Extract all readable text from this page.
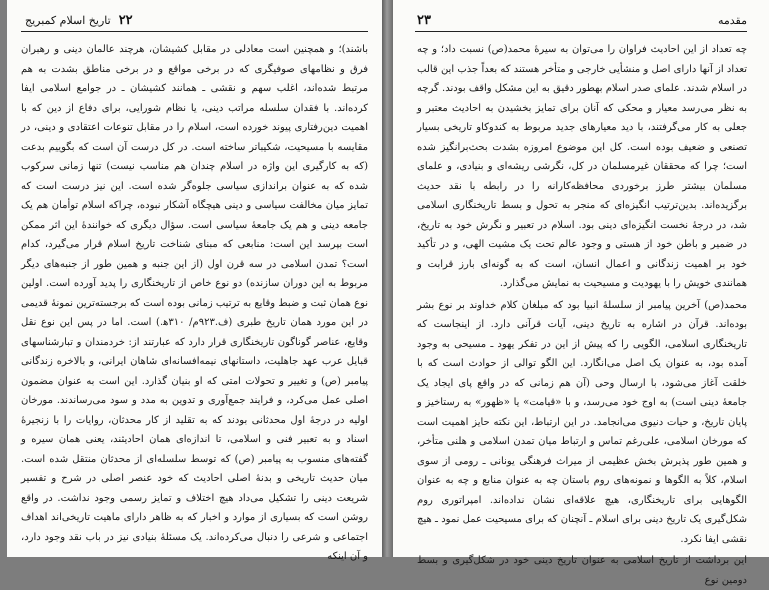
۲۲
تاریخ اسلام کمبریج

باشند)؛ و همچنین است معادلی در مقابل کشیشان، هرچند عالمان دینی و رهبران فرق و نظامهای صوفیگری که در برخی مواقع و در برخی مناطق بشدت به هم مرتبط شده‌اند، اغلب سهم و نقشی ـ همانند کشیشان ـ در جوامع اسلامی ایفا کرده‌اند. با فقدان سلسله مراتب دینی، یا نظام شورایی، برای دفاع از دین که با اهمیت دین‌رفتاری پیوند خورده است، اسلام را در مقابل تنوعات اعتقادی و دینی، در مقایسه با مسیحیت، شکیباتر ساخته است. در کل درست آن است که بگوییم بدعت (که به کارگیری این واژه در اسلام چندان هم مناسب نیست) تنها زمانی سرکوب شده که به عنوان براندازی سیاسی جلوه‌گر شده است. این نیز درست است که تمایز میان مخالفت سیاسی و دینی هیچگاه آشکار نبوده، چراکه اسلام توأمان هم یک جامعه دینی و هم یک جامعهٔ سیاسی است. سؤال دیگری که خوانندهٔ این اثر ممکن است بپرسد این است: منابعی که مبنای شناخت تاریخ اسلام قرار می‌گیرد، کدام است؟ تمدن اسلامی در سه قرن اول (از این جنبه و همین طور از جنبه‌های دیگر مربوط به این دوران سازنده) دو نوع خاص از تاریخنگاری را پدید آورده است. اولین نوع همان ثبت و ضبط وقایع به ترتیب زمانی بوده است که برجسته‌ترین نمونهٔ قدیمی در این مورد همان تاریخ طبری (ف.۹۲۳م/ ۳۱۰ه‍.) است. اما در پس این نوع نقل وقایع، عناصر گوناگون تاریخنگاری قرار دارد که عبارتند از: خردمندان و تبارشناسهای قبایل عرب عهد جاهلیت، داستانهای نیمه‌افسانه‌ای شاهان ایرانی، و بالاخره زندگانی پیامبر (ص) و تغییر و تحولات امتی که او بنیان گذارد. این است به عنوان مضمون اصلی عمل می‌کرد، و فرایند جمع‌آوری و تدوین به مدد و سود می‌رساندند. مورخان اولیه در درجهٔ اول محدثانی بودند که به تقلید از کار محدثان، روایات را با زنجیرهٔ اسناد و به تعبیر فنی و اسلامی، تا اندازه‌ای همان احادیثند، یعنی همان سیره و گفته‌های منسوب به پیامبر (ص) که توسط سلسله‌ای از محدثان منتقل شده است. میان حدیث تاریخی و بدنهٔ اصلی احادیث که خود عنصر اصلی در شرح و تفسیر شریعت دینی را تشکیل می‌داد هیچ اختلاف و تمایز رسمی وجود نداشت. در واقع روشن است که بسیاری از موارد و اخبار که به ظاهر دارای ماهیت تاریخی‌اند اهداف اجتماعی و شرعی را دنبال می‌کرده‌اند. یک مسئلهٔ بنیادی نیز در باب نقد وجود دارد، و آن اینکه

مقدمه
۲۳

چه تعداد از این احادیث فراوان را می‌توان به سیرهٔ محمد(ص) نسبت داد؛ و چه تعداد از آنها دارای اصل و منشأیی خارجی و متأخر هستند که بعداً جذب این قالب در اسلام شدند. علمای صدر اسلام بهطور دقیق به این مشکل واقف بودند. گرچه به نظر می‌رسد معیار و محکی که آنان برای تمایز بخشیدن به احادیث معتبر و جعلی به کار می‌گرفتند، با دید معیارهای جدید مربوط به کندوکاو تاریخی بسیار تصنعی و ضعیف بوده است. کل این موضوع امروزه بشدت بحث‌برانگیز شده است؛ چرا که محققان غیرمسلمان در کل، نگرشی ریشه‌ای و بنیادی، و علمای مسلمان بیشتر طرز برخوردی محافظه‌کارانه را در رابطه با نقد حدیث برگزیده‌اند. بدین‌ترتیب انگیزه‌ای که منجر به تحول و بسط تاریخنگاری اسلامی شد، در درجهٔ نخست انگیزه‌ای دینی بود. اسلام در تعبیر و نگرش خود به تاریخ، در ضمیر و باطن خود از هستی و وجود عالم تحت یک مشیت الهی، و در تأکید خود بر اهمیت زندگانی و اعمال انسان، است که به گونه‌ای بارز قرابت و همانندی خویش را با یهودیت و مسیحیت به نمایش می‌گذارد.

محمد(ص) آخرین پیامبر از سلسلهٔ انبیا بود که مبلغان کلام خداوند بر نوع بشر بوده‌اند. قرآن در اشاره به تاریخ دینی، آیات قرآنی دارد. از اینجاست که تاریخنگاری اسلامی، الگویی را که پیش از این در تفکر یهود ـ مسیحی به وجود آمده بود، به عنوان یک اصل می‌انگارد. این الگو توالی از حوادث است که با خلقت آغاز می‌شود، با ارسال وحی (آن هم زمانی که در واقع پای ایجاد یک جامعهٔ دینی است) به اوج خود می‌رسد، و با «قیامت» یا «ظهور» به رستاخیز و پایان تاریخ، و حیات دنیوی می‌انجامد. در این ارتباط، این نکته حایز اهمیت است که مورخان اسلامی، علی‌رغم تماس و ارتباط میان تمدن اسلامی و هلنی متأخر، و همین طور پذیرش بخش عظیمی از میراث فرهنگی یونانی ـ رومی از سوی اسلام، کلاً به الگوها و نمونه‌های روم باستان چه به عنوان منابع و چه به عنوان الگوهایی برای تاریخنگاری، هیچ علاقه‌ای نشان نداده‌اند. امپراتوری روم شکل‌گیری یک تاریخ دینی برای اسلام ـ آنچنان که برای مسیحیت عمل نمود ـ هیچ نقشی ایفا نکرد.

این برداشت از تاریخ اسلامی به عنوان تاریخ دینی خود در شکل‌گیری و بسط دومین نوع
